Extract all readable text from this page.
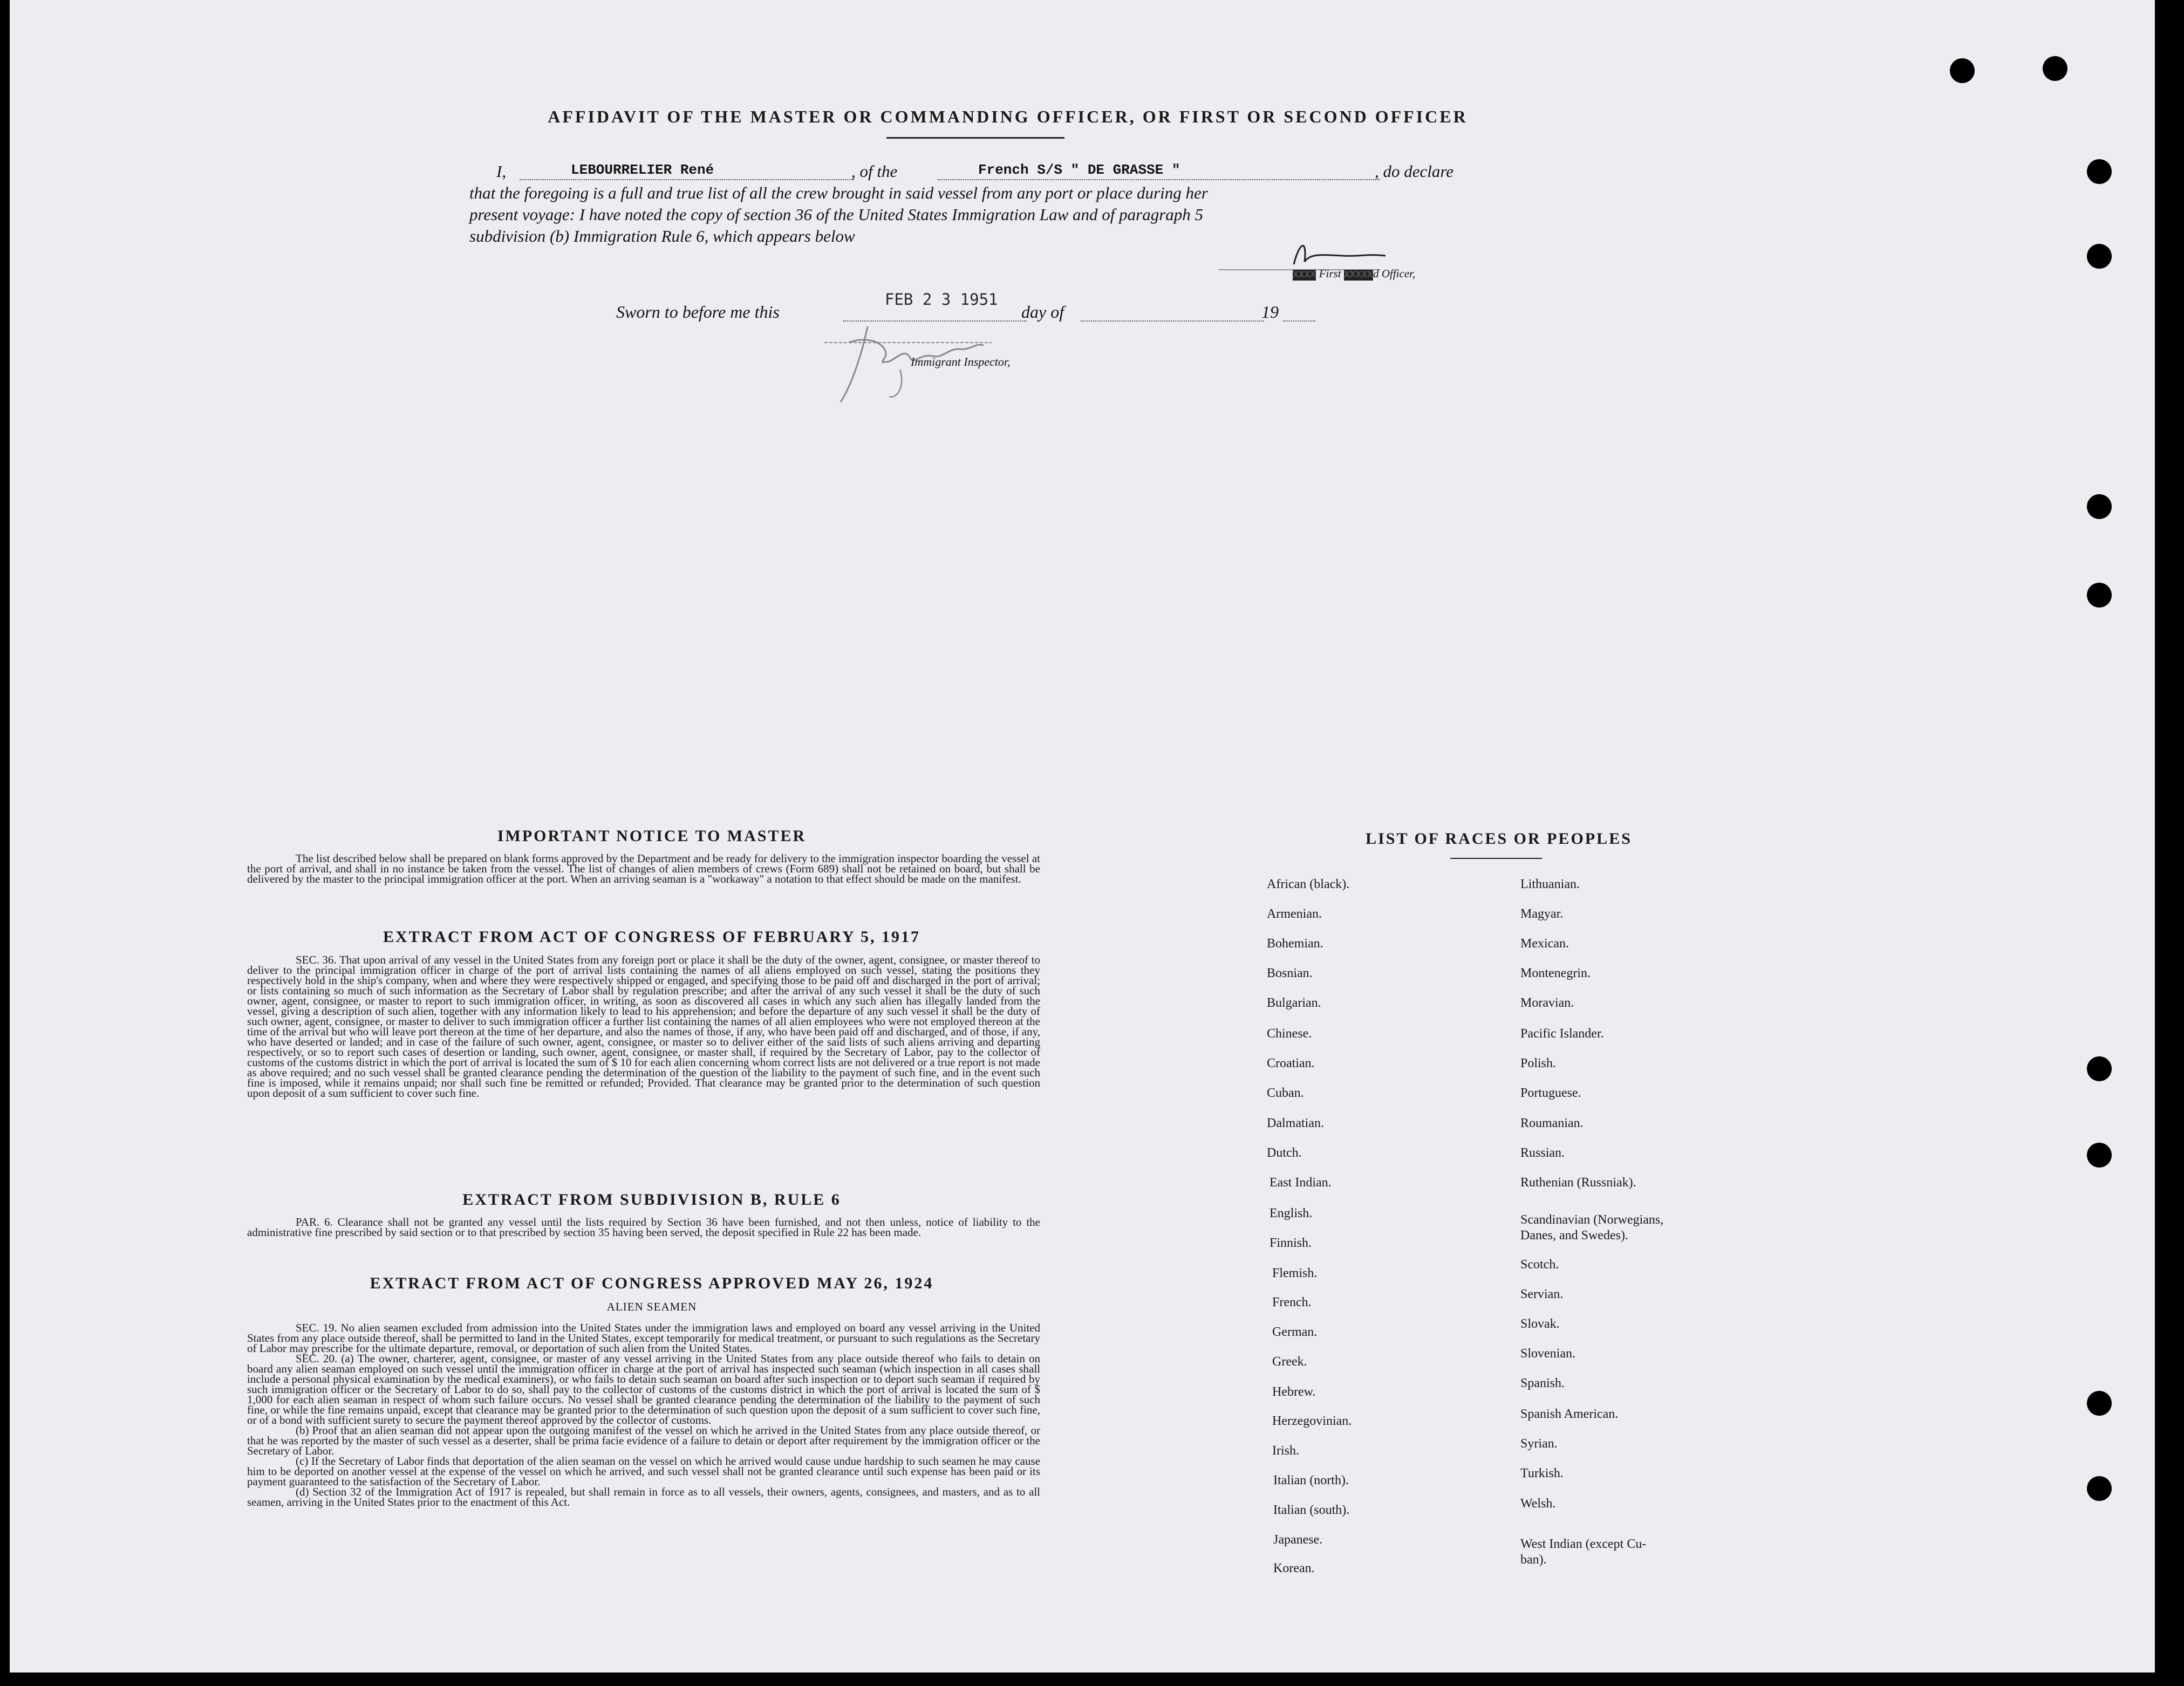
AFFIDAVIT OF THE MASTER OR COMMANDING OFFICER, OR FIRST OR SECOND OFFICER
I,	LEBOURRELIER René	, of the	French S/S " DE GRASSE "	, do declare
that the foregoing is a full and true list of all the crew brought in said vessel from any port or place during her
present voyage: I have noted the copy of section 36 of the United States Immigration Law and of paragraph 5
subdivision (b) Immigration Rule 6, which appears below
XXXX First XXXXXd Officer,
Sworn to before me this
FEB 2 3 1951
day of	19
Immigrant Inspector,
IMPORTANT NOTICE TO MASTER

The list described below shall be prepared on blank forms approved by the Department and be ready for delivery to the immigration inspector boarding the vessel at the port of arrival, and shall in no instance be taken from the vessel. The list of changes of alien members of crews (Form 689) shall not be retained on board, but shall be delivered by the master to the principal immigration officer at the port. When an arriving seaman is a "workaway" a notation to that effect should be made on the manifest.

EXTRACT FROM ACT OF CONGRESS OF FEBRUARY 5, 1917

SEC. 36. That upon arrival of any vessel in the United States from any foreign port or place it shall be the duty of the owner, agent, consignee, or master thereof to deliver to the principal immigration officer in charge of the port of arrival lists containing the names of all aliens employed on such vessel, stating the positions they respectively hold in the ship's company, when and where they were respectively shipped or engaged, and specifying those to be paid off and discharged in the port of arrival; or lists containing so much of such information as the Secretary of Labor shall by regulation prescribe; and after the arrival of any such vessel it shall be the duty of such owner, agent, consignee, or master to report to such immigration officer, in writing, as soon as discovered all cases in which any such alien has illegally landed from the vessel, giving a description of such alien, together with any information likely to lead to his apprehension; and before the departure of any such vessel it shall be the duty of such owner, agent, consignee, or master to deliver to such immigration officer a further list containing the names of all alien employees who were not employed thereon at the time of the arrival but who will leave port thereon at the time of her departure, and also the names of those, if any, who have been paid off and discharged, and of those, if any, who have deserted or landed; and in case of the failure of such owner, agent, consignee, or master so to deliver either of the said lists of such aliens arriving and departing respectively, or so to report such cases of desertion or landing, such owner, agent, consignee, or master shall, if required by the Secretary of Labor, pay to the collector of customs of the customs district in which the port of arrival is located the sum of $ 10 for each alien concerning whom correct lists are not delivered or a true report is not made as above required; and no such vessel shall be granted clearance pending the determination of the question of the liability to the payment of such fine, and in the event such fine is imposed, while it remains unpaid; nor shall such fine be remitted or refunded; Provided. That clearance may be granted prior to the determination of such question upon deposit of a sum sufficient to cover such fine.

EXTRACT FROM SUBDIVISION B, RULE 6

PAR. 6. Clearance shall not be granted any vessel until the lists required by Section 36 have been furnished, and not then unless, notice of liability to the administrative fine prescribed by said section or to that prescribed by section 35 having been served, the deposit specified in Rule 22 has been made.

EXTRACT FROM ACT OF CONGRESS APPROVED MAY 26, 1924
ALIEN SEAMEN

SEC. 19. No alien seamen excluded from admission into the United States under the immigration laws and employed on board any vessel arriving in the United States from any place outside thereof, shall be permitted to land in the United States, except temporarily for medical treatment, or pursuant to such regulations as the Secretary of Labor may prescribe for the ultimate departure, removal, or deportation of such alien from the United States.

SEC. 20. (a) The owner, charterer, agent, consignee, or master of any vessel arriving in the United States from any place outside thereof who fails to detain on board any alien seaman employed on such vessel until the immigration officer in charge at the port of arrival has inspected such seaman (which inspection in all cases shall include a personal physical examination by the medical examiners), or who fails to detain such seaman on board after such inspection or to deport such seaman if required by such immigration officer or the Secretary of Labor to do so, shall pay to the collector of customs of the customs district in which the port of arrival is located the sum of $ 1,000 for each alien seaman in respect of whom such failure occurs. No vessel shall be granted clearance pending the determination of the liability to the payment of such fine, or while the fine remains unpaid, except that clearance may be granted prior to the determination of such question upon the deposit of a sum sufficient to cover such fine, or of a bond with sufficient surety to secure the payment thereof approved by the collector of customs.

(b) Proof that an alien seaman did not appear upon the outgoing manifest of the vessel on which he arrived in the United States from any place outside thereof, or that he was reported by the master of such vessel as a deserter, shall be prima facie evidence of a failure to detain or deport after requirement by the immigration officer or the Secretary of Labor.

(c) If the Secretary of Labor finds that deportation of the alien seaman on the vessel on which he arrived would cause undue hardship to such seamen he may cause him to be deported on another vessel at the expense of the vessel on which he arrived, and such vessel shall not be granted clearance until such expense has been paid or its payment guaranteed to the satisfaction of the Secretary of Labor.

(d) Section 32 of the Immigration Act of 1917 is repealed, but shall remain in force as to all vessels, their owners, agents, consignees, and masters, and as to all seamen, arriving in the United States prior to the enactment of this Act.

LIST OF RACES OR PEOPLES
African (black).
Armenian.
Bohemian.
Bosnian.
Bulgarian.
Chinese.
Croatian.
Cuban.
Dalmatian.
Dutch.
East Indian.
English.
Finnish.
Flemish.
French.
German.
Greek.
Hebrew.
Herzegovinian.
Irish.
Italian (north).
Italian (south).
Japanese.
Korean.
Lithuanian.
Magyar.
Mexican.
Montenegrin.
Moravian.
Pacific Islander.
Polish.
Portuguese.
Roumanian.
Russian.
Ruthenian (Russniak).
Scandinavian (Norwegians,
Danes, and Swedes).
Scotch.
Servian.
Slovak.
Slovenian.
Spanish.
Spanish American.
Syrian.
Turkish.
Welsh.
West Indian (except Cu-
ban).
